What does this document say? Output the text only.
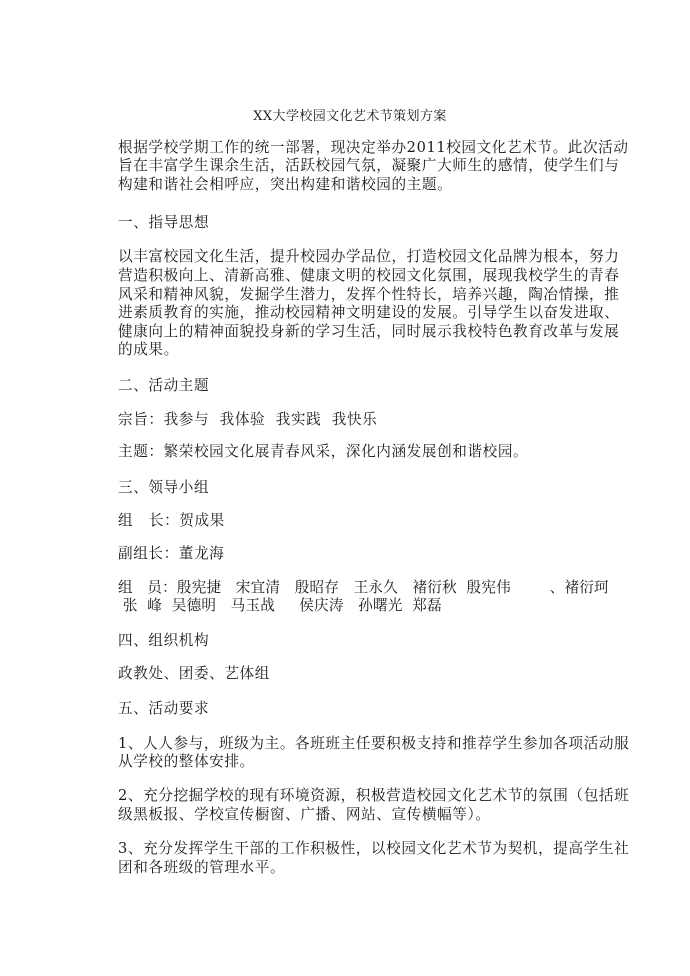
XX大学校园文化艺术节策划方案
根据学校学期工作的统一部署，现决定举办2011校园文化艺术节。此次活动
旨在丰富学生课余生活，活跃校园气氛，凝聚广大师生的感情，使学生们与
构建和谐社会相呼应，突出构建和谐校园的主题。
一、指导思想
以丰富校园文化生活，提升校园办学品位，打造校园文化品牌为根本，努力
营造积极向上、清新高雅、健康文明的校园文化氛围，展现我校学生的青春
风采和精神风貌，发掘学生潜力，发挥个性特长，培养兴趣，陶冶情操，推
进素质教育的实施，推动校园精神文明建设的发展。引导学生以奋发进取、
健康向上的精神面貌投身新的学习生活，同时展示我校特色教育改革与发展
的成果。
二、活动主题
宗旨：我参与  我体验  我实践  我快乐
主题：繁荣校园文化展青春风采，深化内涵发展创和谐校园。
三、领导小组
组   长：贺成果
副组长：董龙海
组   员：殷宪捷   宋宜清   殷昭存   王永久   褚衍秋  殷宪伟        、褚衍珂
张  峰  吴德明   马玉战     侯庆涛   孙曙光  郑磊
四、组织机构
政教处、团委、艺体组
五、活动要求
1、人人参与，班级为主。各班班主任要积极支持和推荐学生参加各项活动服
从学校的整体安排。
2、充分挖掘学校的现有环境资源，积极营造校园文化艺术节的氛围（包括班
级黑板报、学校宣传橱窗、广播、网站、宣传横幅等）。
3、充分发挥学生干部的工作积极性，以校园文化艺术节为契机，提高学生社
团和各班级的管理水平。
